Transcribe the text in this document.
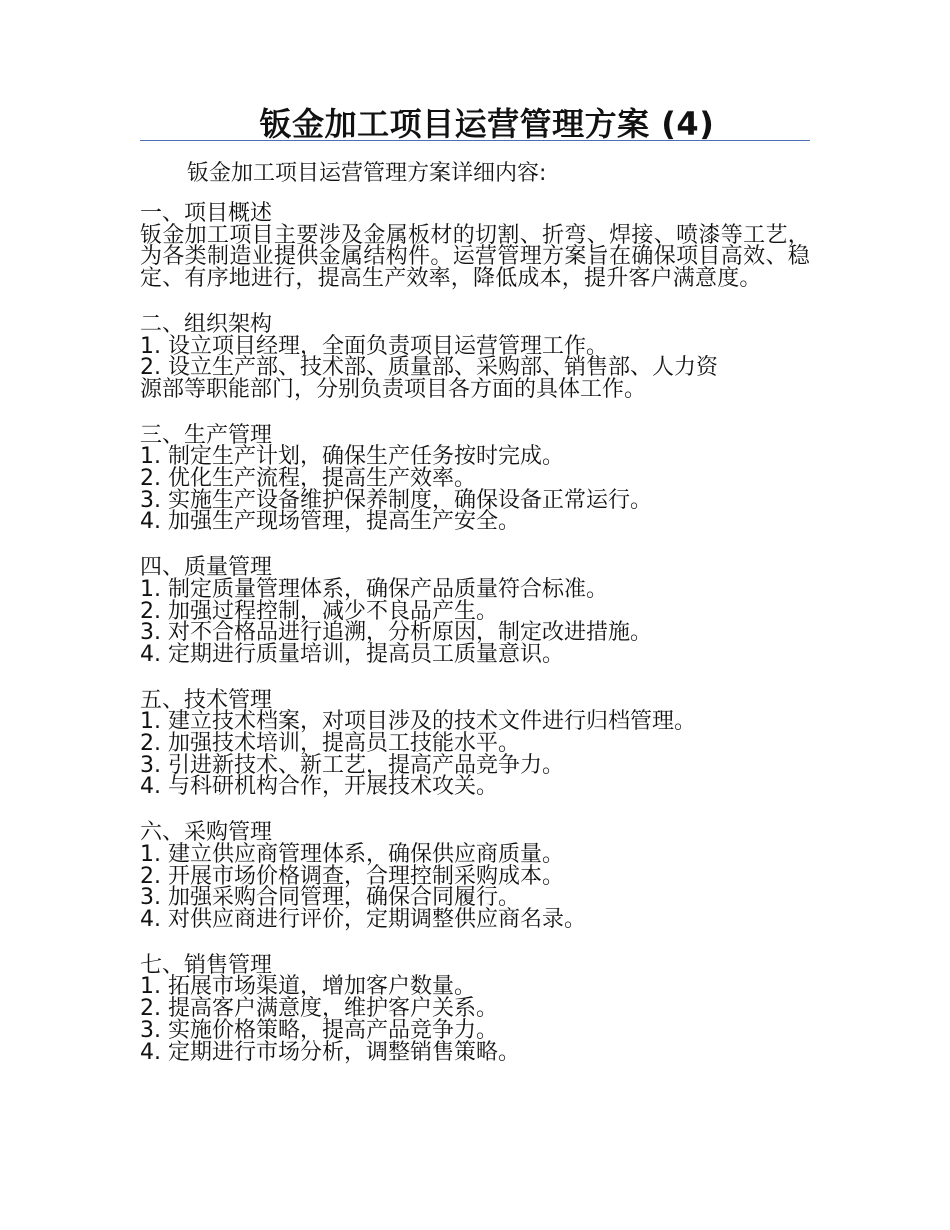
钣金加工项目运营管理方案 (4)
钣金加工项目运营管理方案详细内容:

一、项目概述

钣金加工项目主要涉及金属板材的切割、折弯、焊接、喷漆等工艺，为各类制造业提供金属结构件。运营管理方案旨在确保项目高效、稳定、有序地进行，提高生产效率，降低成本，提升客户满意度。

二、组织架构

1. 设立项目经理，全面负责项目运营管理工作。

2. 设立生产部、技术部、质量部、采购部、销售部、人力资

源部等职能部门，分别负责项目各方面的具体工作。

三、生产管理

1. 制定生产计划，确保生产任务按时完成。

2. 优化生产流程，提高生产效率。

3. 实施生产设备维护保养制度，确保设备正常运行。

4. 加强生产现场管理，提高生产安全。

四、质量管理

1. 制定质量管理体系，确保产品质量符合标准。

2. 加强过程控制，减少不良品产生。

3. 对不合格品进行追溯，分析原因，制定改进措施。

4. 定期进行质量培训，提高员工质量意识。

五、技术管理

1. 建立技术档案，对项目涉及的技术文件进行归档管理。

2. 加强技术培训，提高员工技能水平。

3. 引进新技术、新工艺，提高产品竞争力。

4. 与科研机构合作，开展技术攻关。

六、采购管理

1. 建立供应商管理体系，确保供应商质量。

2. 开展市场价格调查，合理控制采购成本。

3. 加强采购合同管理，确保合同履行。

4. 对供应商进行评价，定期调整供应商名录。

七、销售管理

1. 拓展市场渠道，增加客户数量。

2. 提高客户满意度，维护客户关系。

3. 实施价格策略，提高产品竞争力。

4. 定期进行市场分析，调整销售策略。
